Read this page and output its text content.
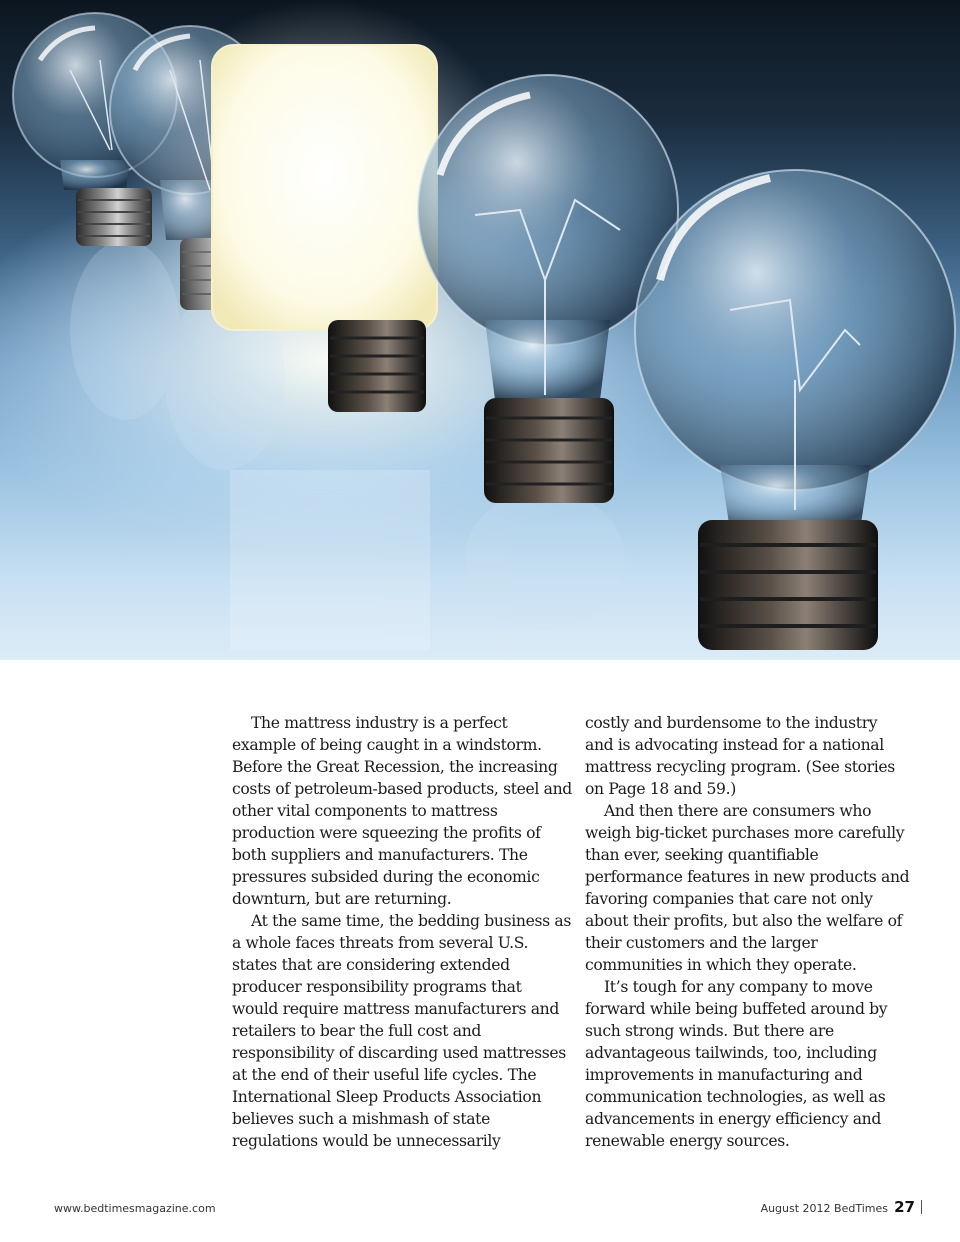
The mattress industry is a perfect example of being caught in a windstorm. Before the Great Recession, the increasing costs of petroleum-based products, steel and other vital components to mattress production were squeezing the profits of both suppliers and manufacturers. The pressures subsided during the economic downturn, but are returning.

At the same time, the bedding business as a whole faces threats from several U.S. states that are considering extended producer responsibility programs that would require mattress manufacturers and retailers to bear the full cost and responsibility of discarding used mattresses at the end of their useful life cycles. The International Sleep Products Association believes such a mishmash of state regulations would be unnecessarily

costly and burdensome to the industry and is advocating instead for a national mattress recycling program. (See stories on Page 18 and 59.)

And then there are consumers who weigh big-ticket purchases more carefully than ever, seeking quantifiable performance features in new products and favoring companies that care not only about their profits, but also the welfare of their customers and the larger communities in which they operate.

It’s tough for any company to move forward while being buffeted around by such strong winds. But there are advantageous tailwinds, too, including improvements in manufacturing and communication technologies, as well as advancements in energy efficiency and renewable energy sources.

www.bedtimesmagazine.com	August 2012 BedTimes 27
